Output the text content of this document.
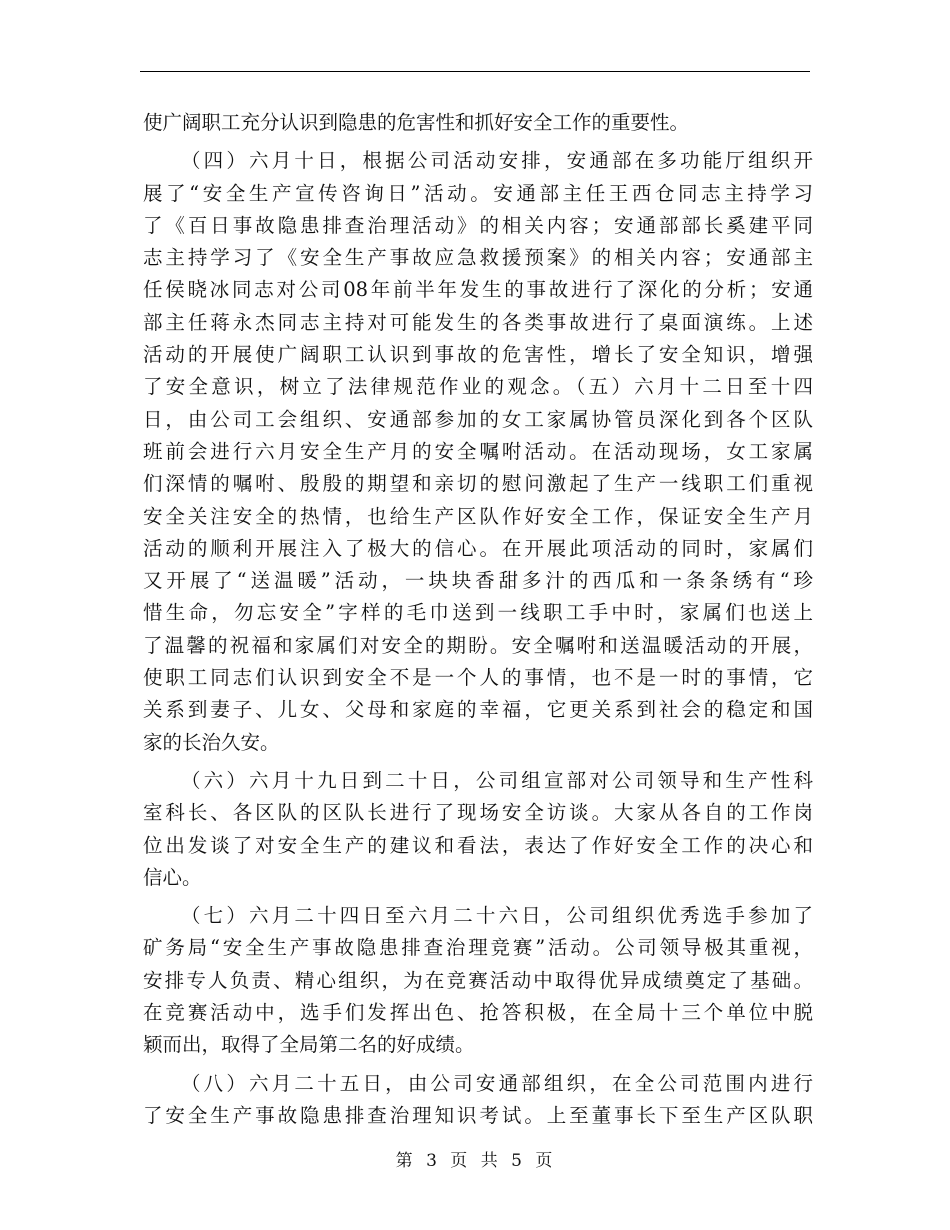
使广阔职工充分认识到隐患的危害性和抓好安全工作的重要性。
（四）六月十日，根据公司活动安排，安通部在多功能厅组织开
展了“安全生产宣传咨询日”活动。安通部主任王西仓同志主持学习
了《百日事故隐患排查治理活动》的相关内容；安通部部长奚建平同
志主持学习了《安全生产事故应急救援预案》的相关内容；安通部主
任侯晓冰同志对公司08年前半年发生的事故进行了深化的分析；安通
部主任蒋永杰同志主持对可能发生的各类事故进行了桌面演练。上述
活动的开展使广阔职工认识到事故的危害性，增长了安全知识，增强
了安全意识，树立了法律规范作业的观念。（五）六月十二日至十四
日，由公司工会组织、安通部参加的女工家属协管员深化到各个区队
班前会进行六月安全生产月的安全嘱咐活动。在活动现场，女工家属
们深情的嘱咐、殷殷的期望和亲切的慰问激起了生产一线职工们重视
安全关注安全的热情，也给生产区队作好安全工作，保证安全生产月
活动的顺利开展注入了极大的信心。在开展此项活动的同时，家属们
又开展了“送温暖”活动，一块块香甜多汁的西瓜和一条条绣有“珍
惜生命，勿忘安全”字样的毛巾送到一线职工手中时，家属们也送上
了温馨的祝福和家属们对安全的期盼。安全嘱咐和送温暖活动的开展，
使职工同志们认识到安全不是一个人的事情，也不是一时的事情，它
关系到妻子、儿女、父母和家庭的幸福，它更关系到社会的稳定和国
家的长治久安。
（六）六月十九日到二十日，公司组宣部对公司领导和生产性科
室科长、各区队的区队长进行了现场安全访谈。大家从各自的工作岗
位出发谈了对安全生产的建议和看法，表达了作好安全工作的决心和
信心。
（七）六月二十四日至六月二十六日，公司组织优秀选手参加了
矿务局“安全生产事故隐患排查治理竞赛”活动。公司领导极其重视，
安排专人负责、精心组织，为在竞赛活动中取得优异成绩奠定了基础。
在竞赛活动中，选手们发挥出色、抢答积极，在全局十三个单位中脱
颖而出，取得了全局第二名的好成绩。
（八）六月二十五日，由公司安通部组织，在全公司范围内进行
了安全生产事故隐患排查治理知识考试。上至董事长下至生产区队职
第 3 页 共 5 页
